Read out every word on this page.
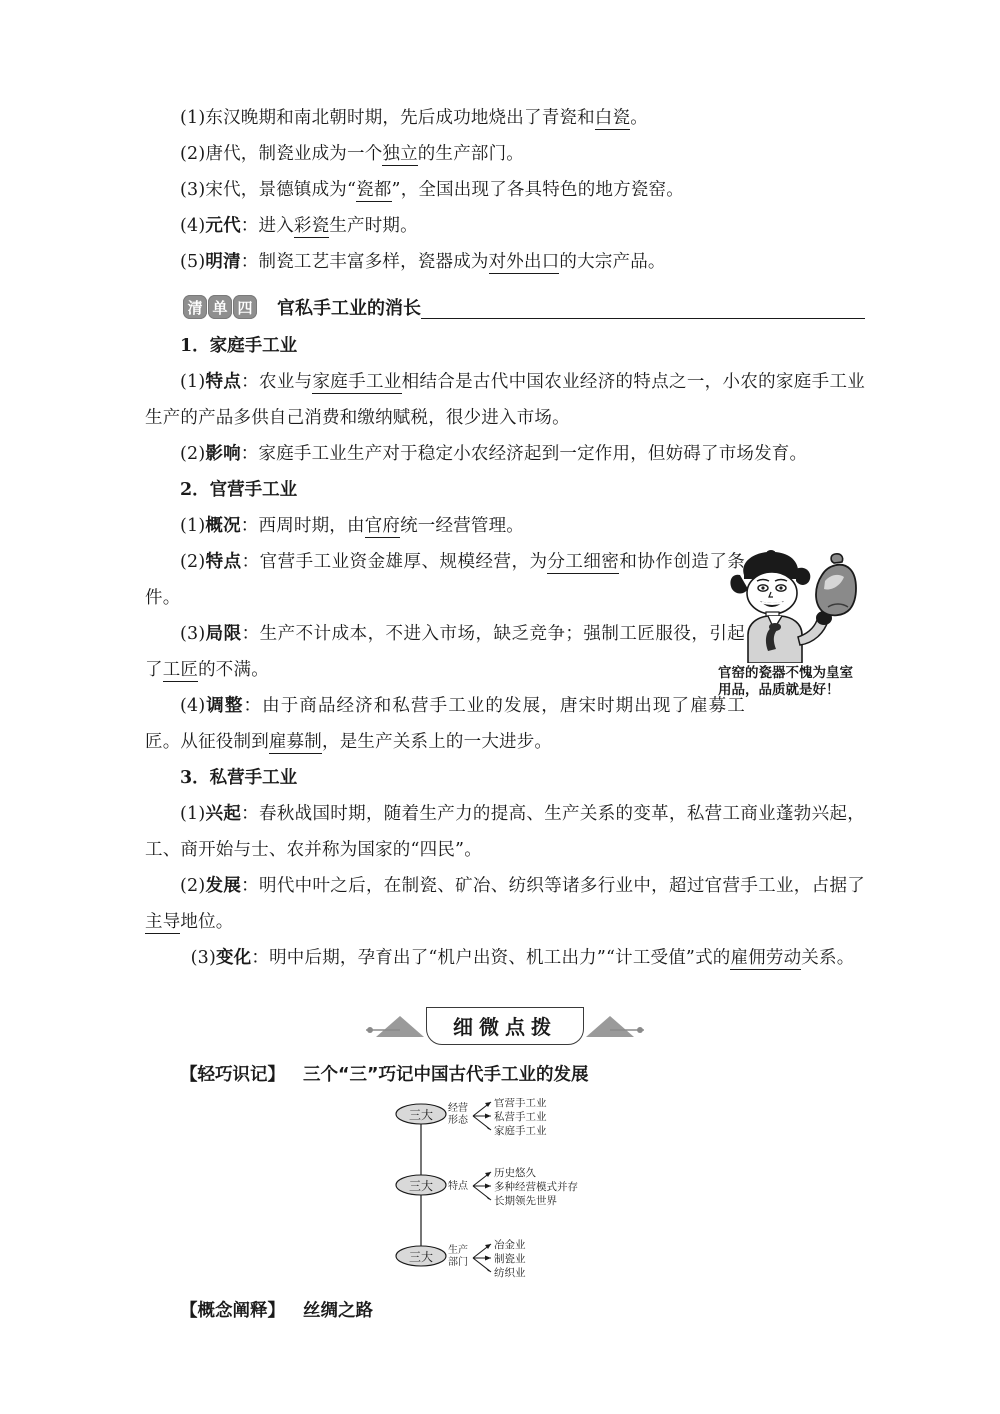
(1)东汉晚期和南北朝时期，先后成功地烧出了青瓷和白瓷。

(2)唐代，制瓷业成为一个独立的生产部门。

(3)宋代，景德镇成为“瓷都”，全国出现了各具特色的地方瓷窑。

(4)元代：进入彩瓷生产时期。

(5)明清：制瓷工艺丰富多样，瓷器成为对外出口的大宗产品。

清 单 四 官私手工业的消长

1．家庭手工业

(1)特点：农业与家庭手工业相结合是古代中国农业经济的特点之一，小农的家庭手工业生产的产品多供自己消费和缴纳赋税，很少进入市场。

(2)影响：家庭手工业生产对于稳定小农经济起到一定作用，但妨碍了市场发育。

2．官营手工业

(1)概况：西周时期，由官府统一经营管理。

(2)特点：官营手工业资金雄厚、规模经营，为分工细密和协作创造了条件。

(3)局限：生产不计成本，不进入市场，缺乏竞争；强制工匠服役，引起了工匠的不满。

(4)调整：由于商品经济和私营手工业的发展，唐宋时期出现了雇募工匠。从征役制到雇募制，是生产关系上的一大进步。

3．私营手工业

(1)兴起：春秋战国时期，随着生产力的提高、生产关系的变革，私营工商业蓬勃兴起，工、商开始与士、农并称为国家的“四民”。

(2)发展：明代中叶之后，在制瓷、矿冶、纺织等诸多行业中，超过官营手工业，占据了主导地位。

(3)变化：明中后期，孕育出了“机户出资、机工出力”“计工受值”式的雇佣劳动关系。

细微点拨

【轻巧识记】 三个“三”巧记中国古代手工业的发展

三大 经营
形态
官营手工业
私营手工业
家庭手工业
三大 特点
历史悠久
多种经营模式并存
长期领先世界
三大 生产
部门
冶金业
制瓷业
纺织业

【概念阐释】 丝绸之路

官窑的瓷器不愧为皇室用品，品质就是好！
